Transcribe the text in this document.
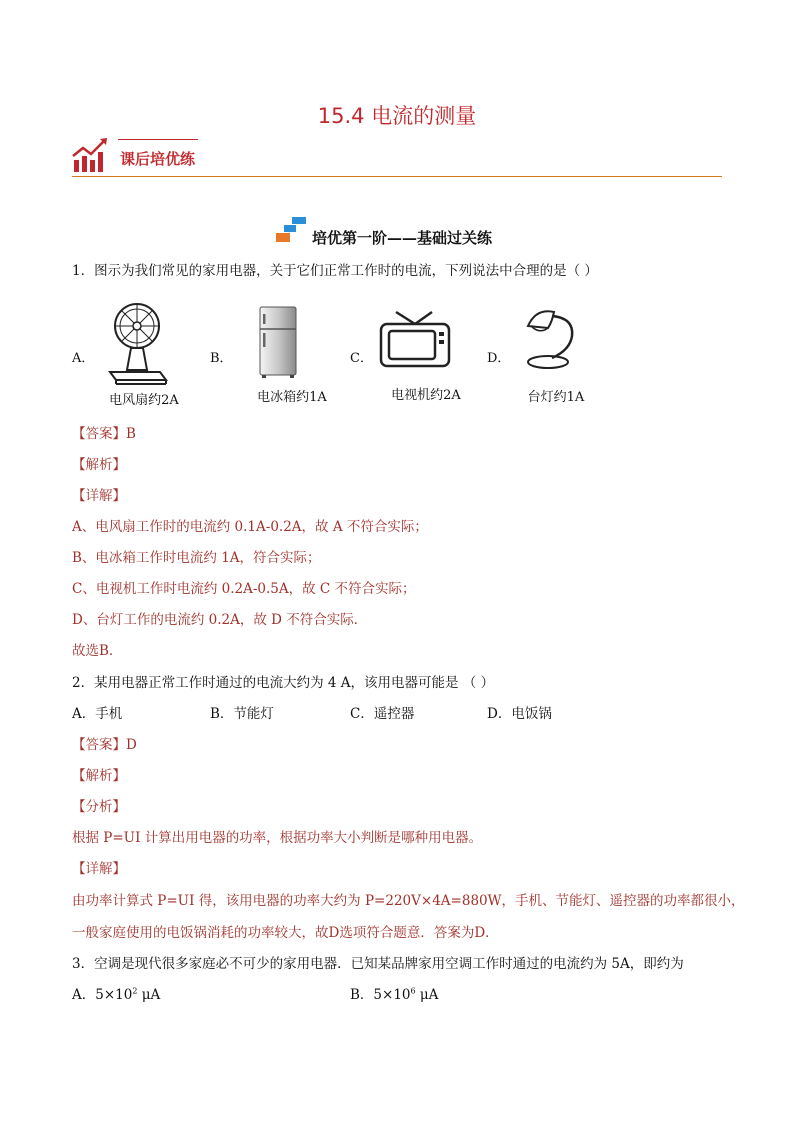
15.4 电流的测量
课后培优练
培优第一阶——基础过关练
1．图示为我们常见的家用电器，关于它们正常工作时的电流，下列说法中合理的是（ ）
A．
电风扇约2A
B．
电冰箱约1A
C．
电视机约2A
D．
台灯约1A
【答案】B
【解析】
【详解】
A、电风扇工作时的电流约 0.1A-0.2A，故 A 不符合实际；
B、电冰箱工作时电流约 1A，符合实际；
C、电视机工作时电流约 0.2A-0.5A，故 C 不符合实际；
D、台灯工作的电流约 0.2A，故 D 不符合实际．
故选B．
2．某用电器正常工作时通过的电流大约为 4 A，该用电器可能是 （ ）
A．手机	B．节能灯	C．遥控器	D．电饭锅
【答案】D
【解析】
【分析】
根据 P=UI 计算出用电器的功率，根据功率大小判断是哪种用电器。
【详解】
由功率计算式 P=UI 得，该用电器的功率大约为 P=220V×4A=880W，手机、节能灯、遥控器的功率都很小，
一般家庭使用的电饭锅消耗的功率较大，故D选项符合题意．答案为D．
3．空调是现代很多家庭必不可少的家用电器．已知某品牌家用空调工作时通过的电流约为 5A，即约为
A．$5\times 10^2$ μA	B．$5\times 10^6$ μA
